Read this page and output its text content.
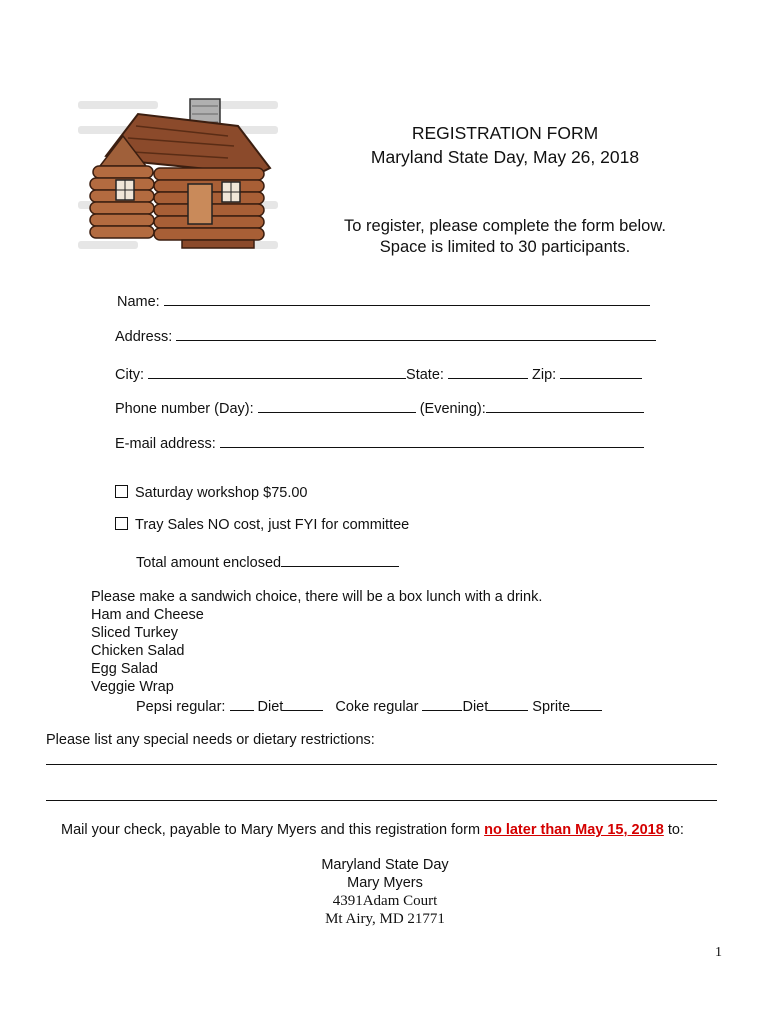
REGISTRATION FORM
Maryland State Day, May 26, 2018
To register, please complete the form below.
Space is limited to 30 participants.
Name:
Address:
City:	State:	Zip:
Phone number (Day):	(Evening):
E-mail address:
Saturday workshop $75.00
Tray Sales NO cost, just FYI for committee
Total amount enclosed
Please make a sandwich choice, there will be a box lunch with a drink.
Ham and Cheese
Sliced Turkey
Chicken Salad
Egg Salad
Veggie Wrap
Pepsi regular: Diet	Coke regular	Diet	Sprite
Please list any special needs or dietary restrictions:
Mail your check, payable to Mary Myers and this registration form no later than May 15, 2018 to:
Maryland State Day
Mary Myers
4391Adam Court
Mt Airy, MD 21771
1
